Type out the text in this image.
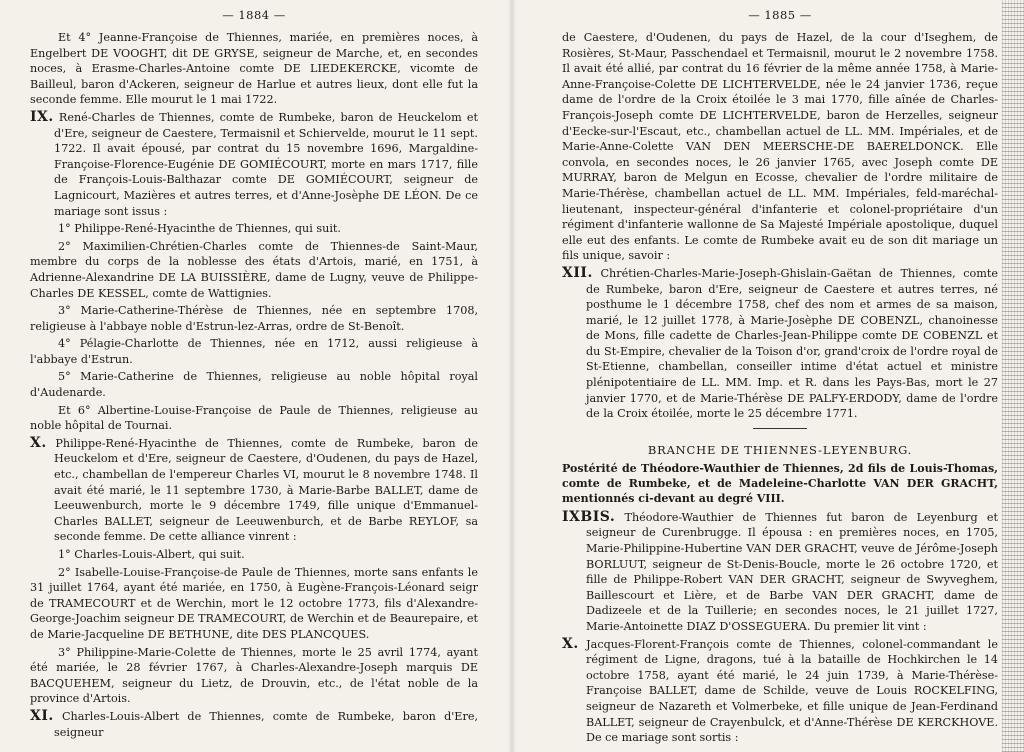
— 1884 —

Et 4° Jeanne-Françoise de Thiennes, mariée, en premières noces, à Engelbert DE VOOGHT, dit DE GRYSE, seigneur de Marche, et, en secondes noces, à Erasme-Charles-Antoine comte DE LIEDEKERCKE, vicomte de Bailleul, baron d'Ackeren, seigneur de Harlue et autres lieux, dont elle fut la seconde femme. Elle mourut le 1 mai 1722.

IX. René-Charles de Thiennes, comte de Rumbeke, baron de Heuckelom et d'Ere, seigneur de Caestere, Termaisnil et Schiervelde, mourut le 11 sept. 1722. Il avait épousé, par contrat du 15 novembre 1696, Margaldine-Françoise-Florence-Eugénie DE GOMIÉCOURT, morte en mars 1717, fille de François-Louis-Balthazar comte DE GOMIÉCOURT, seigneur de Lagnicourt, Mazières et autres terres, et d'Anne-Josèphe DE LÉON. De ce mariage sont issus :

1° Philippe-René-Hyacinthe de Thiennes, qui suit.

2° Maximilien-Chrétien-Charles comte de Thiennes-de Saint-Maur, membre du corps de la noblesse des états d'Artois, marié, en 1751, à Adrienne-Alexandrine DE LA BUISSIÈRE, dame de Lugny, veuve de Philippe-Charles DE KESSEL, comte de Wattignies.

3° Marie-Catherine-Thérèse de Thiennes, née en septembre 1708, religieuse à l'abbaye noble d'Estrun-lez-Arras, ordre de St-Benoît.

4° Pélagie-Charlotte de Thiennes, née en 1712, aussi religieuse à l'abbaye d'Estrun.

5° Marie-Catherine de Thiennes, religieuse au noble hôpital royal d'Audenarde.

Et 6° Albertine-Louise-Françoise de Paule de Thiennes, religieuse au noble hôpital de Tournai.

X. Philippe-René-Hyacinthe de Thiennes, comte de Rumbeke, baron de Heuckelom et d'Ere, seigneur de Caestere, d'Oudenen, du pays de Hazel, etc., chambellan de l'empereur Charles VI, mourut le 8 novembre 1748. Il avait été marié, le 11 septembre 1730, à Marie-Barbe BALLET, dame de Leeuwenburch, morte le 9 décembre 1749, fille unique d'Emmanuel-Charles BALLET, seigneur de Leeuwenburch, et de Barbe REYLOF, sa seconde femme. De cette alliance vinrent :

1° Charles-Louis-Albert, qui suit.

2° Isabelle-Louise-Françoise-de Paule de Thiennes, morte sans enfants le 31 juillet 1764, ayant été mariée, en 1750, à Eugène-François-Léonard seigr de TRAMECOURT et de Werchin, mort le 12 octobre 1773, fils d'Alexandre-George-Joachim seigneur DE TRAMECOURT, de Werchin et de Beaurepaire, et de Marie-Jacqueline DE BETHUNE, dite DES PLANCQUES.

3° Philippine-Marie-Colette de Thiennes, morte le 25 avril 1774, ayant été mariée, le 28 février 1767, à Charles-Alexandre-Joseph marquis DE BACQUEHEM, seigneur du Lietz, de Drouvin, etc., de l'état noble de la province d'Artois.

XI. Charles-Louis-Albert de Thiennes, comte de Rumbeke, baron d'Ere, seigneur

— 1885 —

de Caestere, d'Oudenen, du pays de Hazel, de la cour d'Iseghem, de Rosières, St-Maur, Passchendael et Termaisnil, mourut le 2 novembre 1758. Il avait été allié, par contrat du 16 février de la même année 1758, à Marie-Anne-Françoise-Colette DE LICHTERVELDE, née le 24 janvier 1736, reçue dame de l'ordre de la Croix étoilée le 3 mai 1770, fille aînée de Charles-François-Joseph comte DE LICHTERVELDE, baron de Herzelles, seigneur d'Eecke-sur-l'Escaut, etc., chambellan actuel de LL. MM. Impériales, et de Marie-Anne-Colette VAN DEN MEERSCHE-DE BAERELDONCK. Elle convola, en secondes noces, le 26 janvier 1765, avec Joseph comte DE MURRAY, baron de Melgun en Ecosse, chevalier de l'ordre militaire de Marie-Thérèse, chambellan actuel de LL. MM. Impériales, feld-maréchal-lieutenant, inspecteur-général d'infanterie et colonel-propriétaire d'un régiment d'infanterie wallonne de Sa Majesté Impériale apostolique, duquel elle eut des enfants. Le comte de Rumbeke avait eu de son dit mariage un fils unique, savoir :

XII. Chrétien-Charles-Marie-Joseph-Ghislain-Gaëtan de Thiennes, comte de Rumbeke, baron d'Ere, seigneur de Caestere et autres terres, né posthume le 1 décembre 1758, chef des nom et armes de sa maison, marié, le 12 juillet 1778, à Marie-Josèphe DE COBENZL, chanoinesse de Mons, fille cadette de Charles-Jean-Philippe comte DE COBENZL et du St-Empire, chevalier de la Toison d'or, grand'croix de l'ordre royal de St-Etienne, chambellan, conseiller intime d'état actuel et ministre plénipotentiaire de LL. MM. Imp. et R. dans les Pays-Bas, mort le 27 janvier 1770, et de Marie-Thérèse DE PALFY-ERDODY, dame de l'ordre de la Croix étoilée, morte le 25 décembre 1771.

BRANCHE DE THIENNES-LEYENBURG.

Postérité de Théodore-Wauthier de Thiennes, 2d fils de Louis-Thomas, comte de Rumbeke, et de Madeleine-Charlotte VAN DER GRACHT, mentionnés ci-devant au degré VIII.

IXBIS. Théodore-Wauthier de Thiennes fut baron de Leyenburg et seigneur de Curenbrugge. Il épousa : en premières noces, en 1705, Marie-Philippine-Hubertine VAN DER GRACHT, veuve de Jérôme-Joseph BORLUUT, seigneur de St-Denis-Boucle, morte le 26 octobre 1720, et fille de Philippe-Robert VAN DER GRACHT, seigneur de Swyveghem, Baillescourt et Lière, et de Barbe VAN DER GRACHT, dame de Dadizeele et de la Tuillerie; en secondes noces, le 21 juillet 1727, Marie-Antoinette DIAZ D'OSSEGUERA. Du premier lit vint :

X. Jacques-Florent-François comte de Thiennes, colonel-commandant le régiment de Ligne, dragons, tué à la bataille de Hochkirchen le 14 octobre 1758, ayant été marié, le 24 juin 1739, à Marie-Thérèse-Françoise BALLET, dame de Schilde, veuve de Louis ROCKELFING, seigneur de Nazareth et Volmerbeke, et fille unique de Jean-Ferdinand BALLET, seigneur de Crayenbulck, et d'Anne-Thérèse DE KERCKHOVE. De ce mariage sont sortis :
